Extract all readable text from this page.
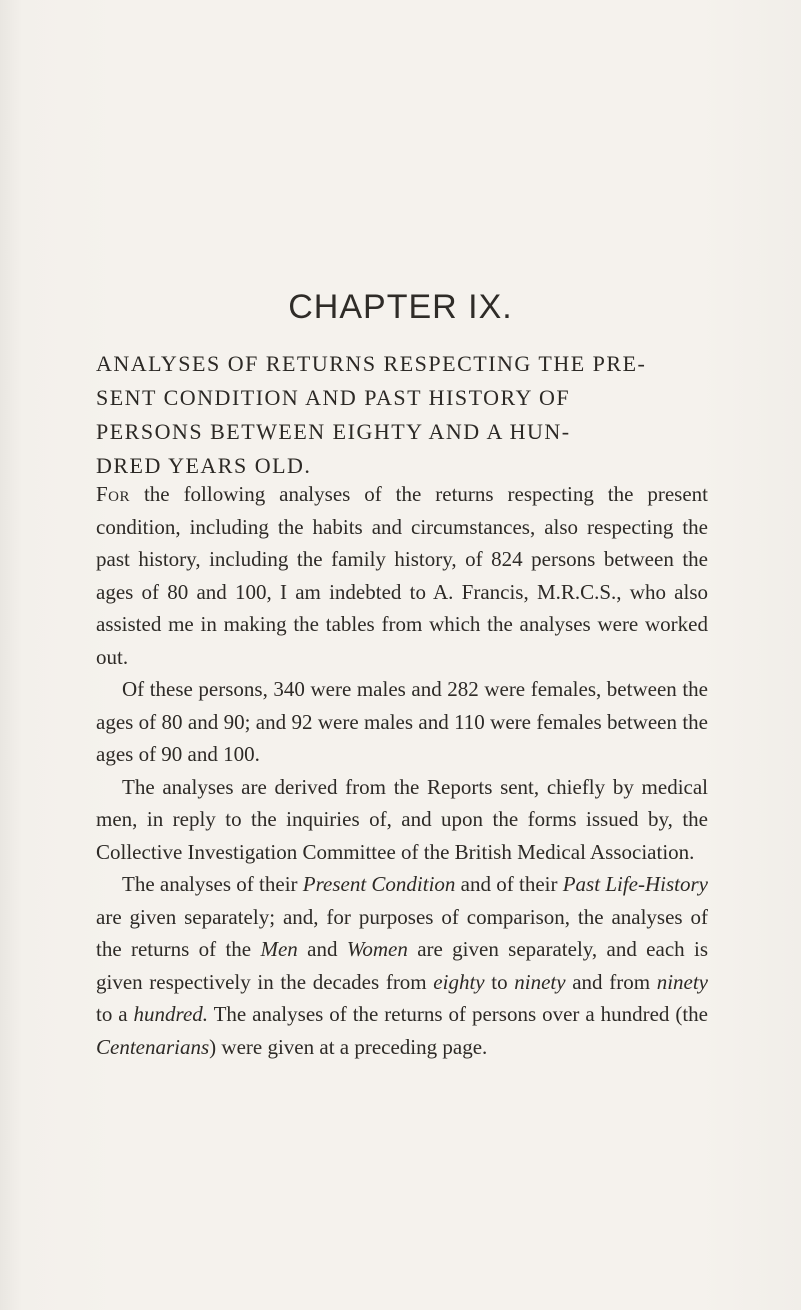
CHAPTER IX.
ANALYSES OF RETURNS RESPECTING THE PRE-
SENT CONDITION AND PAST HISTORY OF
PERSONS BETWEEN EIGHTY AND A HUN-
DRED YEARS OLD.

For the following analyses of the returns respecting the present condition, including the habits and circumstances, also respecting the past history, including the family history, of 824 persons between the ages of 80 and 100, I am indebted to A. Francis, M.R.C.S., who also assisted me in making the tables from which the analyses were worked out.

Of these persons, 340 were males and 282 were females, between the ages of 80 and 90; and 92 were males and 110 were females between the ages of 90 and 100.

The analyses are derived from the Reports sent, chiefly by medical men, in reply to the inquiries of, and upon the forms issued by, the Collective Investigation Committee of the British Medical Association.

The analyses of their Present Condition and of their Past Life-History are given separately; and, for purposes of comparison, the analyses of the returns of the Men and Women are given separately, and each is given respectively in the decades from eighty to ninety and from ninety to a hundred. The analyses of the returns of persons over a hundred (the Centenarians) were given at a preceding page.
